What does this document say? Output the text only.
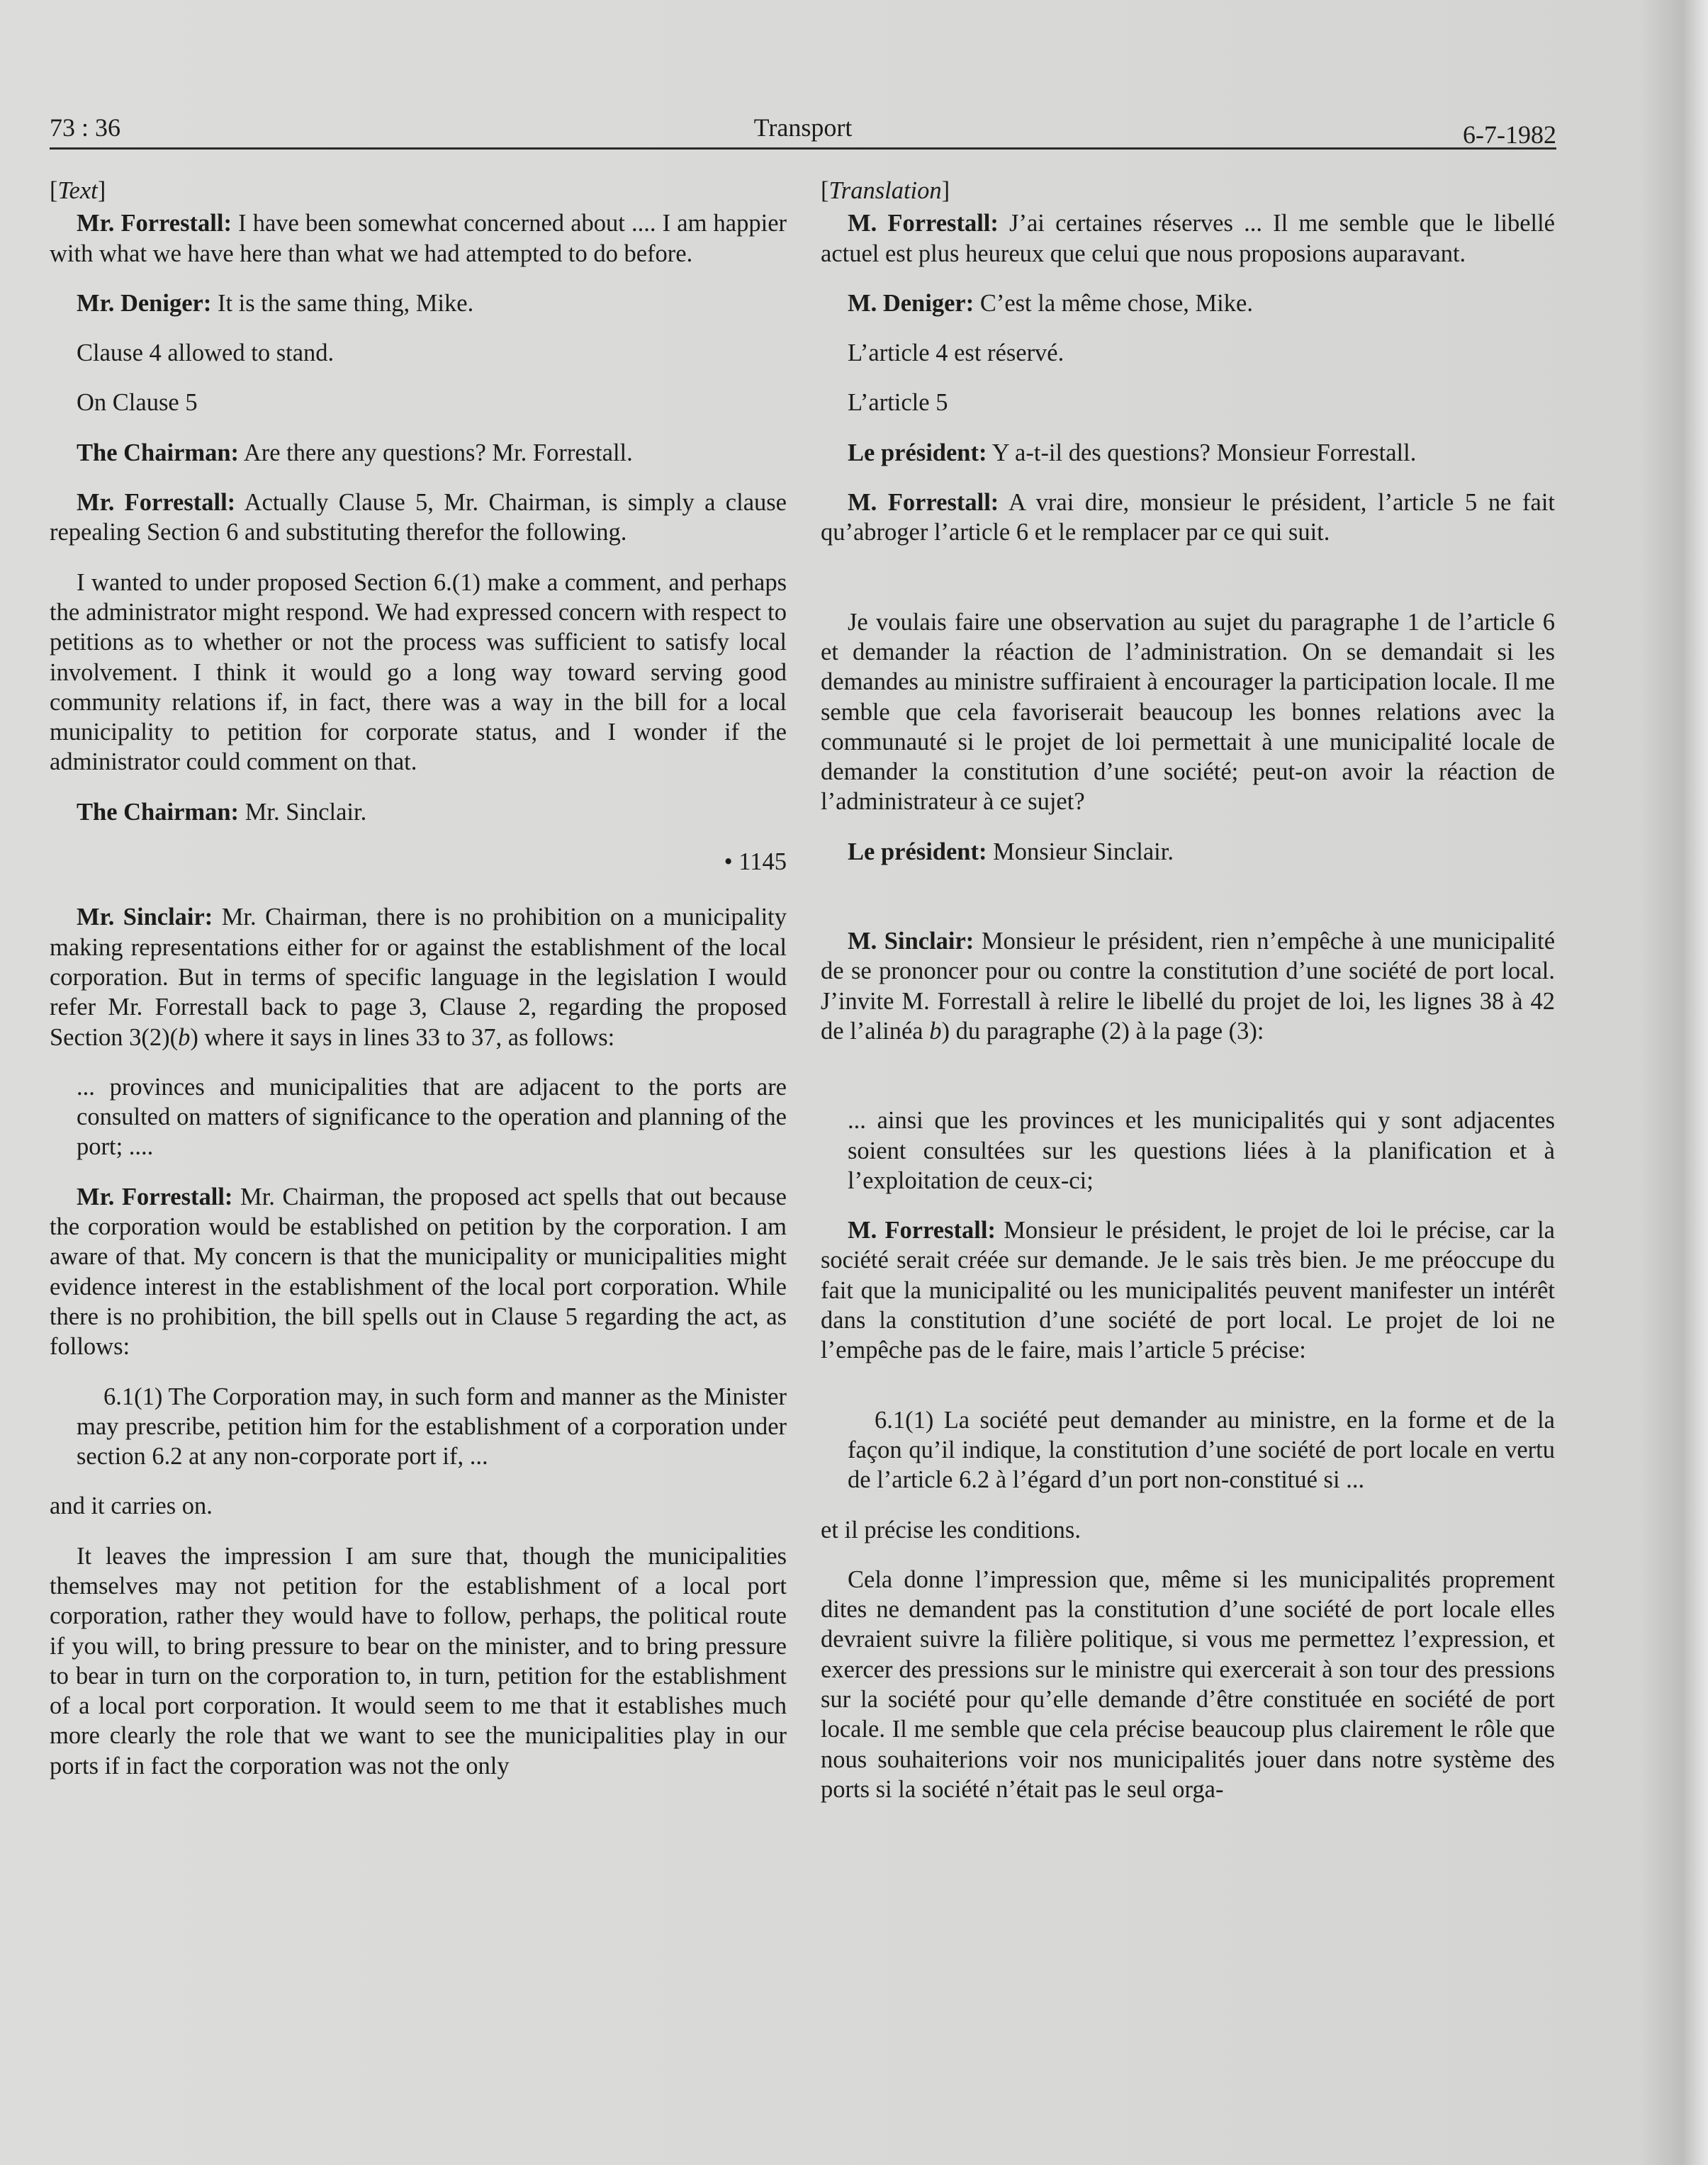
73 : 36	Transport	6-7-1982

[Text]

Mr. Forrestall: I have been somewhat concerned about .... I am happier with what we have here than what we had attempted to do before.

Mr. Deniger: It is the same thing, Mike.

Clause 4 allowed to stand.

On Clause 5

The Chairman: Are there any questions? Mr. Forrestall.

Mr. Forrestall: Actually Clause 5, Mr. Chairman, is simply a clause repealing Section 6 and substituting therefor the following.

I wanted to under proposed Section 6.(1) make a comment, and perhaps the administrator might respond. We had expressed concern with respect to petitions as to whether or not the process was sufficient to satisfy local involvement. I think it would go a long way toward serving good community relations if, in fact, there was a way in the bill for a local municipality to petition for corporate status, and I wonder if the administrator could comment on that.

The Chairman: Mr. Sinclair.

• 1145

Mr. Sinclair: Mr. Chairman, there is no prohibition on a municipality making representations either for or against the establishment of the local corporation. But in terms of specific language in the legislation I would refer Mr. Forrestall back to page 3, Clause 2, regarding the proposed Section 3(2)(b) where it says in lines 33 to 37, as follows:

... provinces and municipalities that are adjacent to the ports are consulted on matters of significance to the operation and planning of the port; ....

Mr. Forrestall: Mr. Chairman, the proposed act spells that out because the corporation would be established on petition by the corporation. I am aware of that. My concern is that the municipality or municipalities might evidence interest in the establishment of the local port corporation. While there is no prohibition, the bill spells out in Clause 5 regarding the act, as follows:

6.1(1) The Corporation may, in such form and manner as the Minister may prescribe, petition him for the establishment of a corporation under section 6.2 at any non-corporate port if, ...

and it carries on.

It leaves the impression I am sure that, though the municipalities themselves may not petition for the establishment of a local port corporation, rather they would have to follow, perhaps, the political route if you will, to bring pressure to bear on the minister, and to bring pressure to bear in turn on the corporation to, in turn, petition for the establishment of a local port corporation. It would seem to me that it establishes much more clearly the role that we want to see the municipalities play in our ports if in fact the corporation was not the only

[Translation]

M. Forrestall: J’ai certaines réserves ... Il me semble que le libellé actuel est plus heureux que celui que nous proposions auparavant.

M. Deniger: C’est la même chose, Mike.

L’article 4 est réservé.

L’article 5

Le président: Y a-t-il des questions? Monsieur Forrestall.

M. Forrestall: A vrai dire, monsieur le président, l’article 5 ne fait qu’abroger l’article 6 et le remplacer par ce qui suit.

Je voulais faire une observation au sujet du paragraphe 1 de l’article 6 et demander la réaction de l’administration. On se demandait si les demandes au ministre suffiraient à encourager la participation locale. Il me semble que cela favoriserait beaucoup les bonnes relations avec la communauté si le projet de loi permettait à une municipalité locale de demander la constitution d’une société; peut-on avoir la réaction de l’administrateur à ce sujet?

Le président: Monsieur Sinclair.

M. Sinclair: Monsieur le président, rien n’empêche à une municipalité de se prononcer pour ou contre la constitution d’une société de port local. J’invite M. Forrestall à relire le libellé du projet de loi, les lignes 38 à 42 de l’alinéa b) du paragraphe (2) à la page (3):

... ainsi que les provinces et les municipalités qui y sont adjacentes soient consultées sur les questions liées à la planification et à l’exploitation de ceux-ci;

M. Forrestall: Monsieur le président, le projet de loi le précise, car la société serait créée sur demande. Je le sais très bien. Je me préoccupe du fait que la municipalité ou les municipalités peuvent manifester un intérêt dans la constitution d’une société de port local. Le projet de loi ne l’empêche pas de le faire, mais l’article 5 précise:

6.1(1) La société peut demander au ministre, en la forme et de la façon qu’il indique, la constitution d’une société de port locale en vertu de l’article 6.2 à l’égard d’un port non-constitué si ...

et il précise les conditions.

Cela donne l’impression que, même si les municipalités proprement dites ne demandent pas la constitution d’une société de port locale elles devraient suivre la filière politique, si vous me permettez l’expression, et exercer des pressions sur le ministre qui exercerait à son tour des pressions sur la société pour qu’elle demande d’être constituée en société de port locale. Il me semble que cela précise beaucoup plus clairement le rôle que nous souhaiterions voir nos municipalités jouer dans notre système des ports si la société n’était pas le seul orga-
